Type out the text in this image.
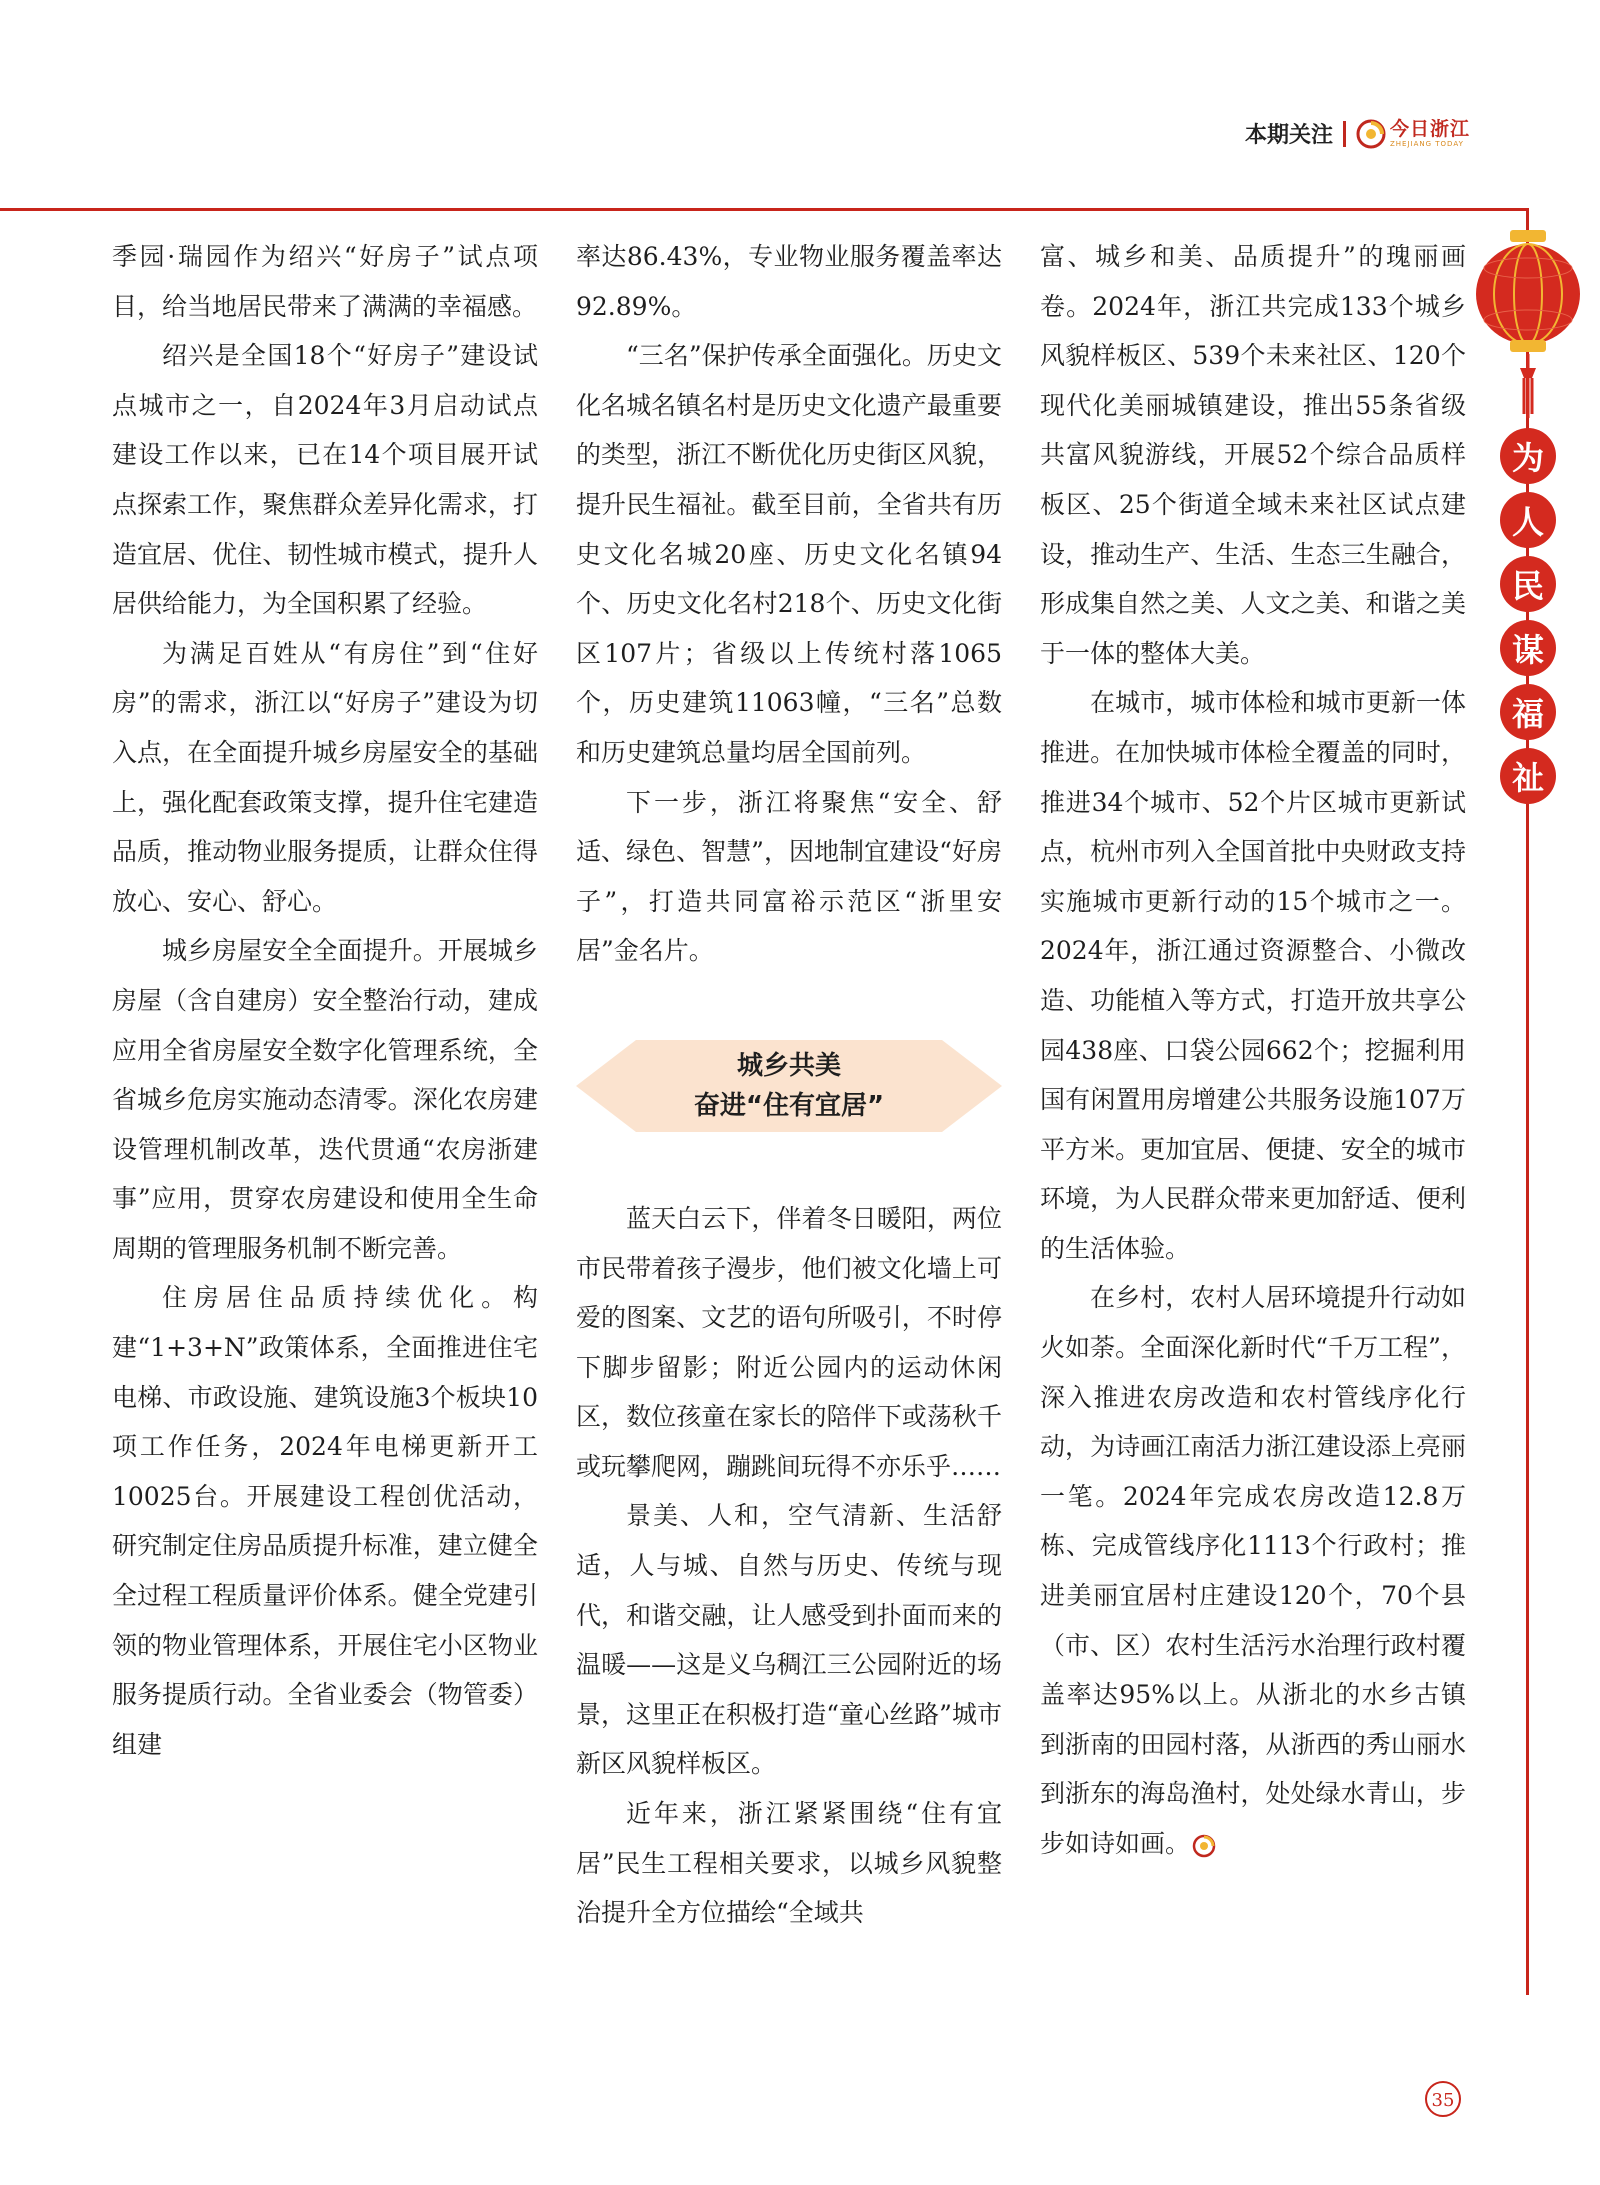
本期关注	今日浙江
ZHEJIANG TODAY
为
人
民
谋
福
祉

季园·瑞园作为绍兴“好房子”试点项目，给当地居民带来了满满的幸福感。

绍兴是全国18个“好房子”建设试点城市之一，自2024年3月启动试点建设工作以来，已在14个项目展开试点探索工作，聚焦群众差异化需求，打造宜居、优住、韧性城市模式，提升人居供给能力，为全国积累了经验。

为满足百姓从“有房住”到“住好房”的需求，浙江以“好房子”建设为切入点，在全面提升城乡房屋安全的基础上，强化配套政策支撑，提升住宅建造品质，推动物业服务提质，让群众住得放心、安心、舒心。

城乡房屋安全全面提升。开展城乡房屋（含自建房）安全整治行动，建成应用全省房屋安全数字化管理系统，全省城乡危房实施动态清零。深化农房建设管理机制改革，迭代贯通“农房浙建事”应用，贯穿农房建设和使用全生命周期的管理服务机制不断完善。

住房居住品质持续优化。构建“1+3+N”政策体系，全面推进住宅电梯、市政设施、建筑设施3个板块10项工作任务，2024年电梯更新开工10025台。开展建设工程创优活动，研究制定住房品质提升标准，建立健全全过程工程质量评价体系。健全党建引领的物业管理体系，开展住宅小区物业服务提质行动。全省业委会（物管委）组建

率达86.43%，专业物业服务覆盖率达92.89%。

“三名”保护传承全面强化。历史文化名城名镇名村是历史文化遗产最重要的类型，浙江不断优化历史街区风貌，提升民生福祉。截至目前，全省共有历史文化名城20座、历史文化名镇94个、历史文化名村218个、历史文化街区107片；省级以上传统村落1065个，历史建筑11063幢，“三名”总数和历史建筑总量均居全国前列。

下一步，浙江将聚焦“安全、舒适、绿色、智慧”，因地制宜建设“好房子”，打造共同富裕示范区“浙里安居”金名片。

城乡共美
奋进“住有宜居”

蓝天白云下，伴着冬日暖阳，两位市民带着孩子漫步，他们被文化墙上可爱的图案、文艺的语句所吸引，不时停下脚步留影；附近公园内的运动休闲区，数位孩童在家长的陪伴下或荡秋千或玩攀爬网，蹦跳间玩得不亦乐乎……

景美、人和，空气清新、生活舒适，人与城、自然与历史、传统与现代，和谐交融，让人感受到扑面而来的温暖——这是义乌稠江三公园附近的场景，这里正在积极打造“童心丝路”城市新区风貌样板区。

近年来，浙江紧紧围绕“住有宜居”民生工程相关要求，以城乡风貌整治提升全方位描绘“全域共

富、城乡和美、品质提升”的瑰丽画卷。2024年，浙江共完成133个城乡风貌样板区、539个未来社区、120个现代化美丽城镇建设，推出55条省级共富风貌游线，开展52个综合品质样板区、25个街道全域未来社区试点建设，推动生产、生活、生态三生融合，形成集自然之美、人文之美、和谐之美于一体的整体大美。

在城市，城市体检和城市更新一体推进。在加快城市体检全覆盖的同时，推进34个城市、52个片区城市更新试点，杭州市列入全国首批中央财政支持实施城市更新行动的15个城市之一。2024年，浙江通过资源整合、小微改造、功能植入等方式，打造开放共享公园438座、口袋公园662个；挖掘利用国有闲置用房增建公共服务设施107万平方米。更加宜居、便捷、安全的城市环境，为人民群众带来更加舒适、便利的生活体验。

在乡村，农村人居环境提升行动如火如荼。全面深化新时代“千万工程”，深入推进农房改造和农村管线序化行动，为诗画江南活力浙江建设添上亮丽一笔。2024年完成农房改造12.8万栋、完成管线序化1113个行政村；推进美丽宜居村庄建设120个，70个县（市、区）农村生活污水治理行政村覆盖率达95%以上。从浙北的水乡古镇到浙南的田园村落，从浙西的秀山丽水到浙东的海岛渔村，处处绿水青山，步步如诗如画。

35
